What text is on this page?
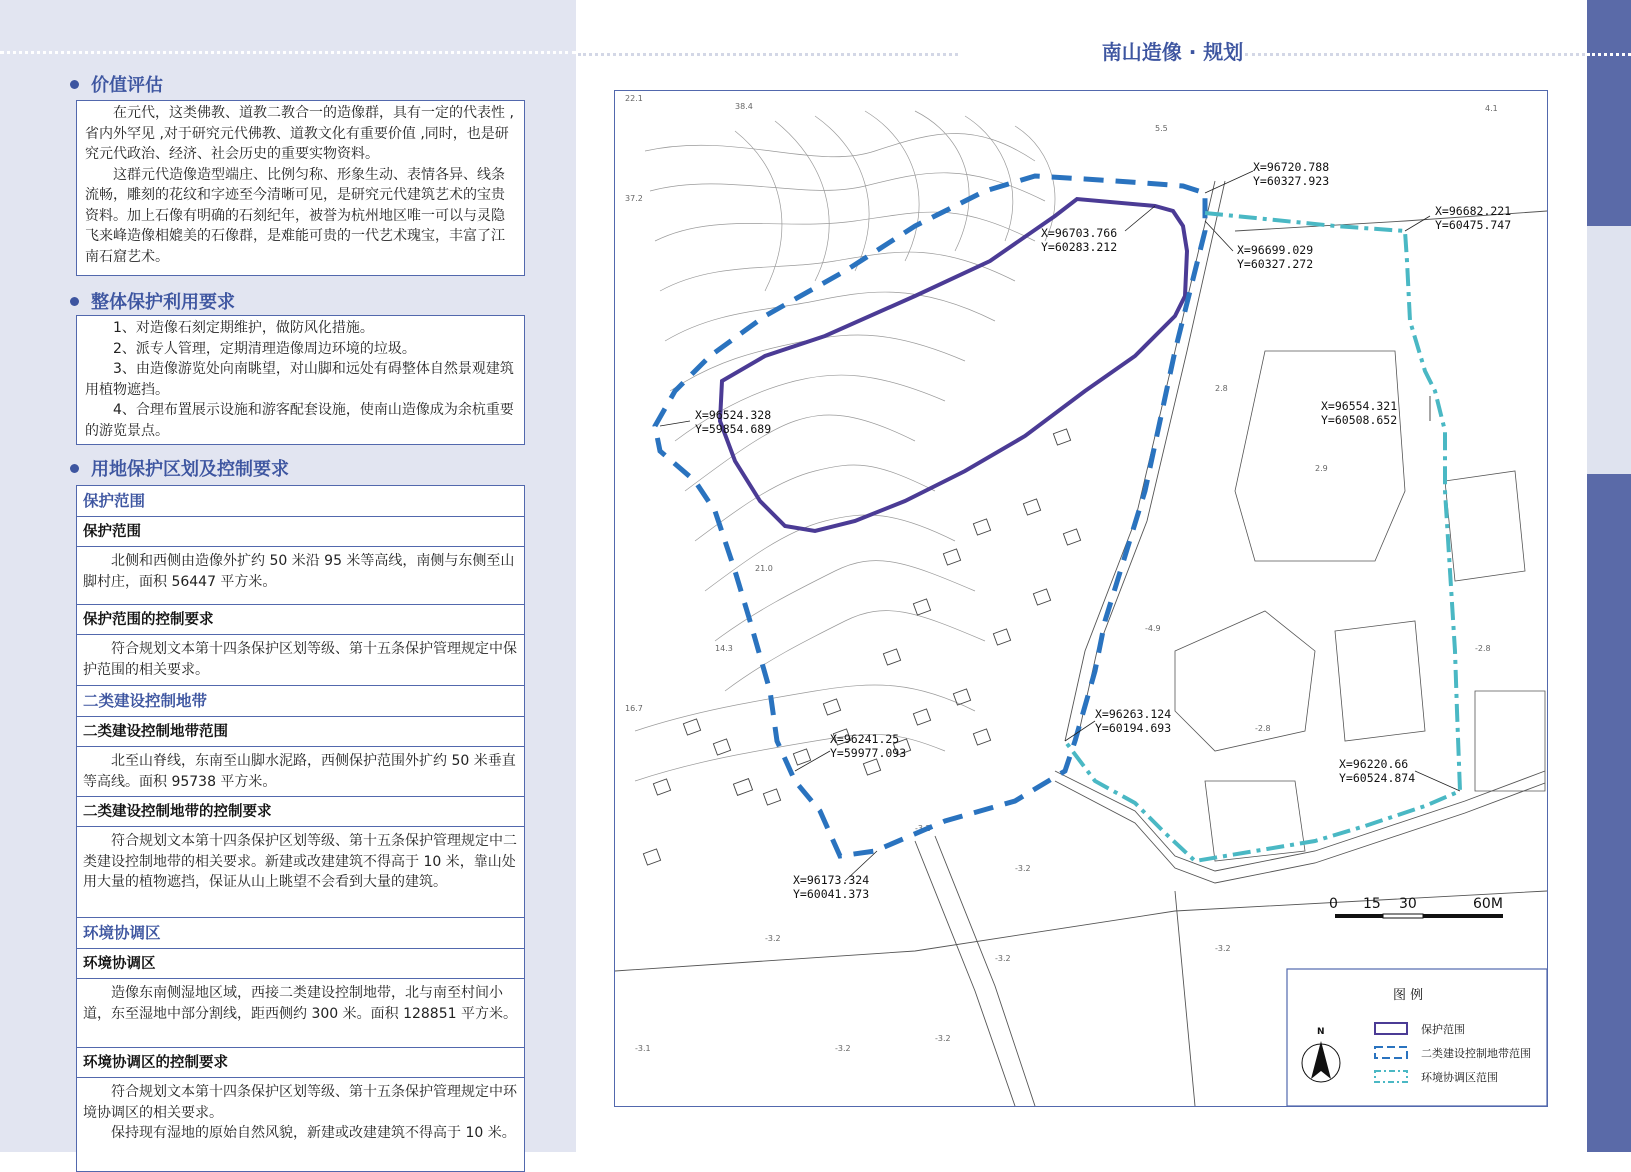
价值评估

在元代，这类佛教、道教二教合一的造像群，具有一定的代表性 ,省内外罕见 ,对于研究元代佛教、道教文化有重要价值 ,同时，也是研究元代政治、经济、社会历史的重要实物资料。

这群元代造像造型端庄、比例匀称、形象生动、表情各异、线条流畅，雕刻的花纹和字迹至今清晰可见，是研究元代建筑艺术的宝贵资料。加上石像有明确的石刻纪年，被誉为杭州地区唯一可以与灵隐飞来峰造像相媲美的石像群，是难能可贵的一代艺术瑰宝，丰富了江南石窟艺术。

整体保护利用要求

1、对造像石刻定期维护，做防风化措施。

2、派专人管理，定期清理造像周边环境的垃圾。

3、由造像游览处向南眺望，对山脚和远处有碍整体自然景观建筑用植物遮挡。

4、合理布置展示设施和游客配套设施，使南山造像成为余杭重要的游览景点。

用地保护区划及控制要求
保护范围
保护范围

北侧和西侧由造像外扩约 50 米沿 95 米等高线，南侧与东侧至山脚村庄，面积 56447 平方米。

保护范围的控制要求

符合规划文本第十四条保护区划等级、第十五条保护管理规定中保护范围的相关要求。

二类建设控制地带
二类建设控制地带范围

北至山脊线，东南至山脚水泥路，西侧保护范围外扩约 50 米垂直等高线。面积 95738 平方米。

二类建设控制地带的控制要求

符合规划文本第十四条保护区划等级、第十五条保护管理规定中二类建设控制地带的相关要求。新建或改建建筑不得高于 10 米，靠山处用大量的植物遮挡，保证从山上眺望不会看到大量的建筑。

环境协调区
环境协调区

造像东南侧湿地区域，西接二类建设控制地带，北与南至村间小道，东至湿地中部分割线，距西侧约 300 米。面积 128851 平方米。

环境协调区的控制要求

符合规划文本第十四条保护区划等级、第十五条保护管理规定中环境协调区的相关要求。

保持现有湿地的原始自然风貌，新建或改建建筑不得高于 10 米。

南山造像 · 规划
22.1
38.4
5.5
37.2
4.1
2.8
2.9
-2.8
-2.8
-3.2
-3.2
-3.2
-3.1	-3.2
-3.2
-3.2
-3.2
-4.9
16.7
14.3
21.0
X=96720.788 Y=60327.923
X=96682.221 Y=60475.747
X=96703.766 Y=60283.212	X=96699.029 Y=60327.272
X=96524.328 Y=59854.689
X=96554.321 Y=60508.652
X=96263.124 Y=60194.693
X=96241.25 Y=59977.093
X=96220.66 Y=60524.874
X=96173.324 Y=60041.373
0 15 30	60M
图 例
N	保护范围
二类建设控制地带范围
环境协调区范围
